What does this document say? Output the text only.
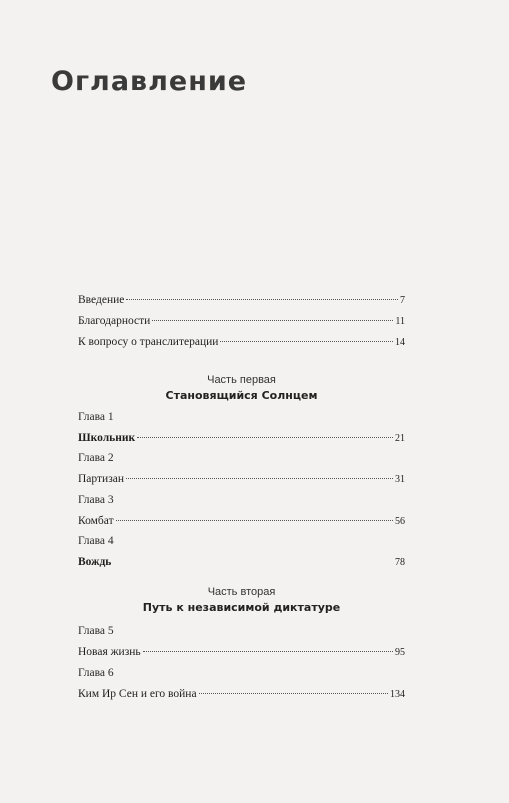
Оглавление
Введение	7
Благодарности	11
К вопросу о транслитерации	14
Часть первая
Становящийся Солнцем
Глава 1
Школьник	21
Глава 2
Партизан	31
Глава 3
Комбат	56
Глава 4
Вождь	78
Часть вторая
Путь к независимой диктатуре
Глава 5
Новая жизнь	95
Глава 6
Ким Ир Сен и его война	134
